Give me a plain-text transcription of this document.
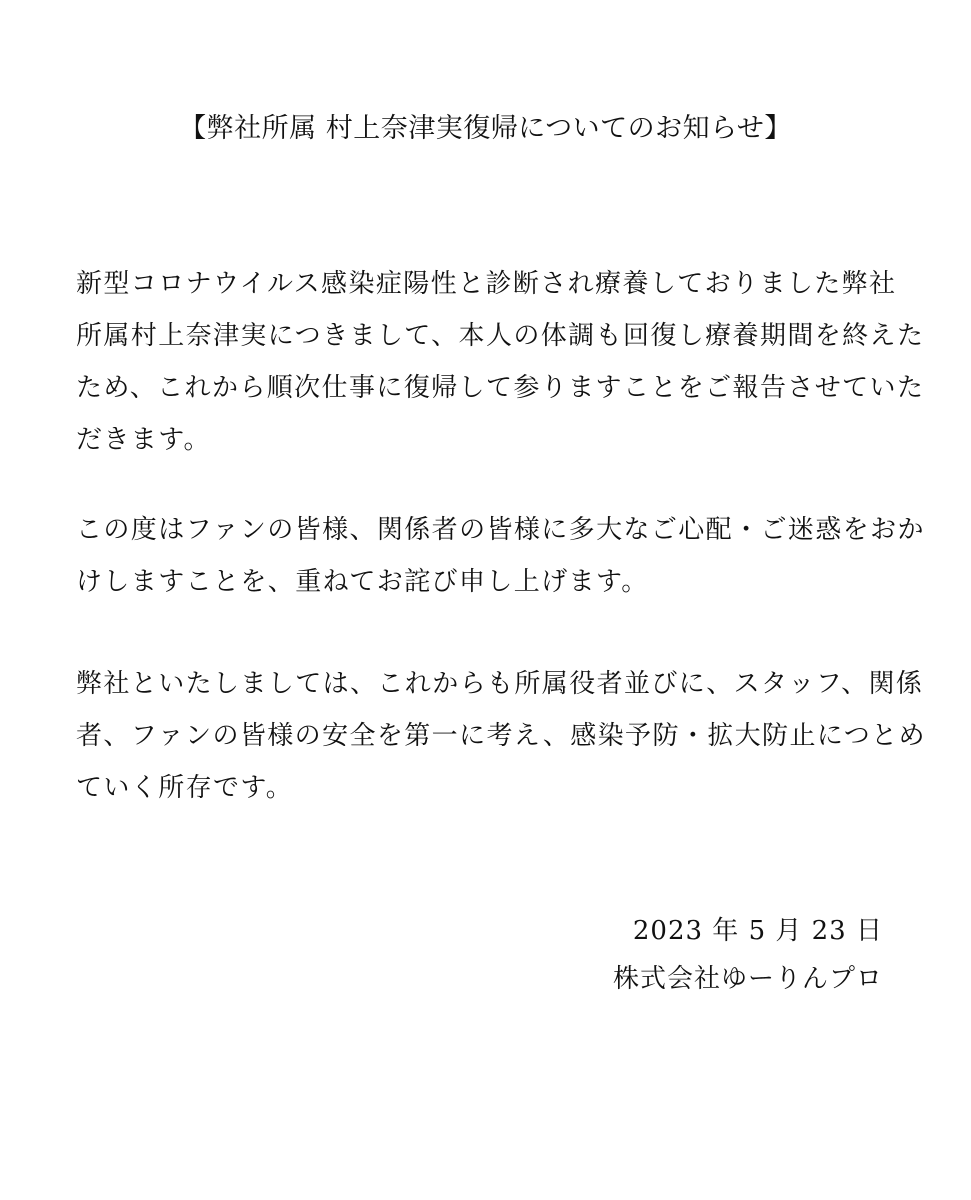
【弊社所属 村上奈津実復帰についてのお知らせ】
新型コロナウイルス感染症陽性と診断され療養しておりました弊社
所属村上奈津実につきまして、本人の体調も回復し療養期間を終えた
ため、これから順次仕事に復帰して参りますことをご報告させていた
だきます。
この度はファンの皆様、関係者の皆様に多大なご心配・ご迷惑をおか
けしますことを、重ねてお詫び申し上げます。
弊社といたしましては、これからも所属役者並びに、スタッフ、関係
者、ファンの皆様の安全を第一に考え、感染予防・拡大防止につとめ
ていく所存です。
2023 年 5 月 23 日
株式会社ゆーりんプロ
